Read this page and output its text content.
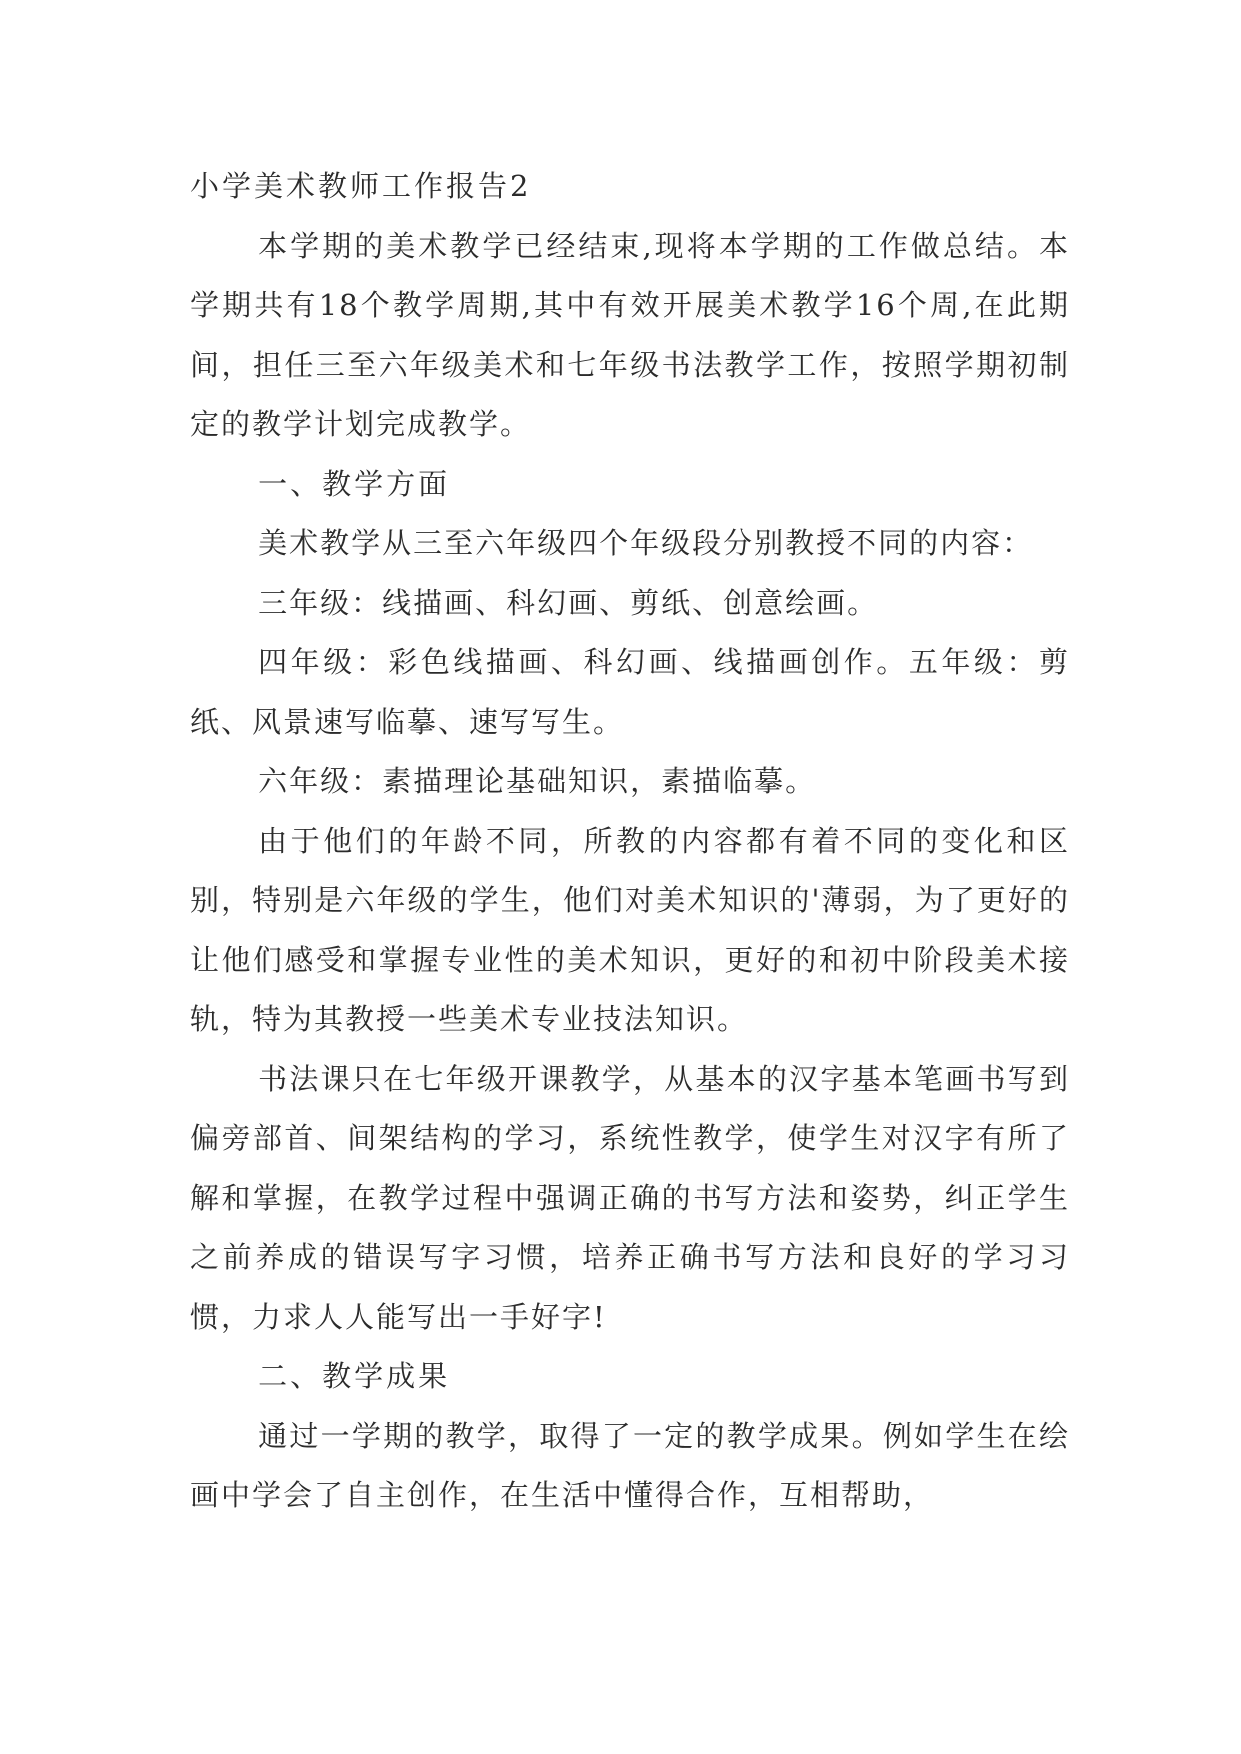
小学美术教师工作报告2

本学期的美术教学已经结束,现将本学期的工作做总结。本学期共有18个教学周期,其中有效开展美术教学16个周,在此期间，担任三至六年级美术和七年级书法教学工作，按照学期初制定的教学计划完成教学。

一、教学方面

美术教学从三至六年级四个年级段分别教授不同的内容：

三年级：线描画、科幻画、剪纸、创意绘画。

四年级：彩色线描画、科幻画、线描画创作。五年级：剪纸、风景速写临摹、速写写生。

六年级：素描理论基础知识，素描临摹。

由于他们的年龄不同，所教的内容都有着不同的变化和区别，特别是六年级的学生，他们对美术知识的'薄弱，为了更好的让他们感受和掌握专业性的美术知识，更好的和初中阶段美术接轨，特为其教授一些美术专业技法知识。

书法课只在七年级开课教学，从基本的汉字基本笔画书写到偏旁部首、间架结构的学习，系统性教学，使学生对汉字有所了解和掌握，在教学过程中强调正确的书写方法和姿势，纠正学生之前养成的错误写字习惯，培养正确书写方法和良好的学习习惯，力求人人能写出一手好字!

二、教学成果

通过一学期的教学，取得了一定的教学成果。例如学生在绘画中学会了自主创作，在生活中懂得合作，互相帮助，
